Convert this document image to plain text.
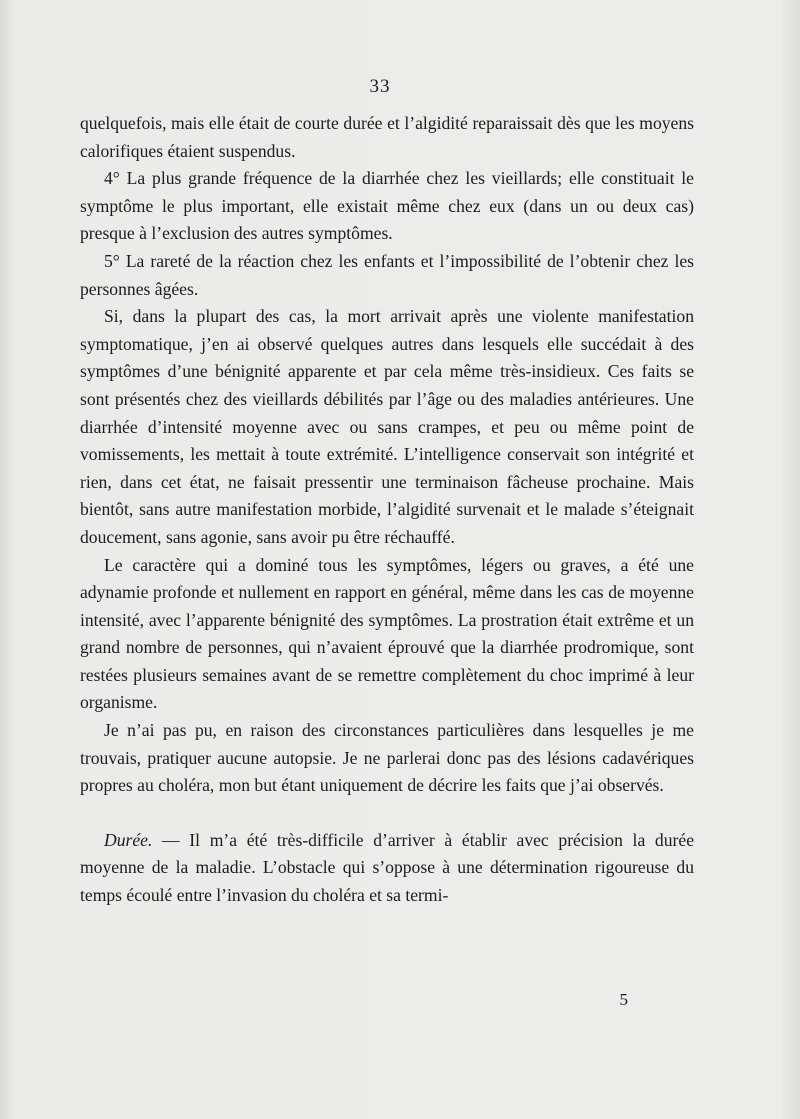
33

quelquefois, mais elle était de courte durée et l’algidité reparaissait dès que les moyens calorifiques étaient suspendus.

4° La plus grande fréquence de la diarrhée chez les vieillards; elle constituait le symptôme le plus important, elle existait même chez eux (dans un ou deux cas) presque à l’exclusion des autres symptômes.

5° La rareté de la réaction chez les enfants et l’impossibilité de l’obtenir chez les personnes âgées.

Si, dans la plupart des cas, la mort arrivait après une violente manifestation symptomatique, j’en ai observé quelques autres dans lesquels elle succédait à des symptômes d’une bénignité apparente et par cela même très-insidieux. Ces faits se sont présentés chez des vieillards débilités par l’âge ou des maladies antérieures. Une diarrhée d’intensité moyenne avec ou sans crampes, et peu ou même point de vomissements, les mettait à toute extrémité. L’intelligence conservait son intégrité et rien, dans cet état, ne faisait pressentir une terminaison fâcheuse prochaine. Mais bientôt, sans autre manifestation morbide, l’algidité survenait et le malade s’éteignait doucement, sans agonie, sans avoir pu être réchauffé.

Le caractère qui a dominé tous les symptômes, légers ou graves, a été une adynamie profonde et nullement en rapport en général, même dans les cas de moyenne intensité, avec l’apparente bénignité des symptômes. La prostration était extrême et un grand nombre de personnes, qui n’avaient éprouvé que la diarrhée prodromique, sont restées plusieurs semaines avant de se remettre complètement du choc imprimé à leur organisme.

Je n’ai pas pu, en raison des circonstances particulières dans lesquelles je me trouvais, pratiquer aucune autopsie. Je ne parlerai donc pas des lésions cadavériques propres au choléra, mon but étant uniquement de décrire les faits que j’ai observés.

Durée. — Il m’a été très-difficile d’arriver à établir avec précision la durée moyenne de la maladie. L’obstacle qui s’oppose à une détermination rigoureuse du temps écoulé entre l’invasion du choléra et sa termi-

5
